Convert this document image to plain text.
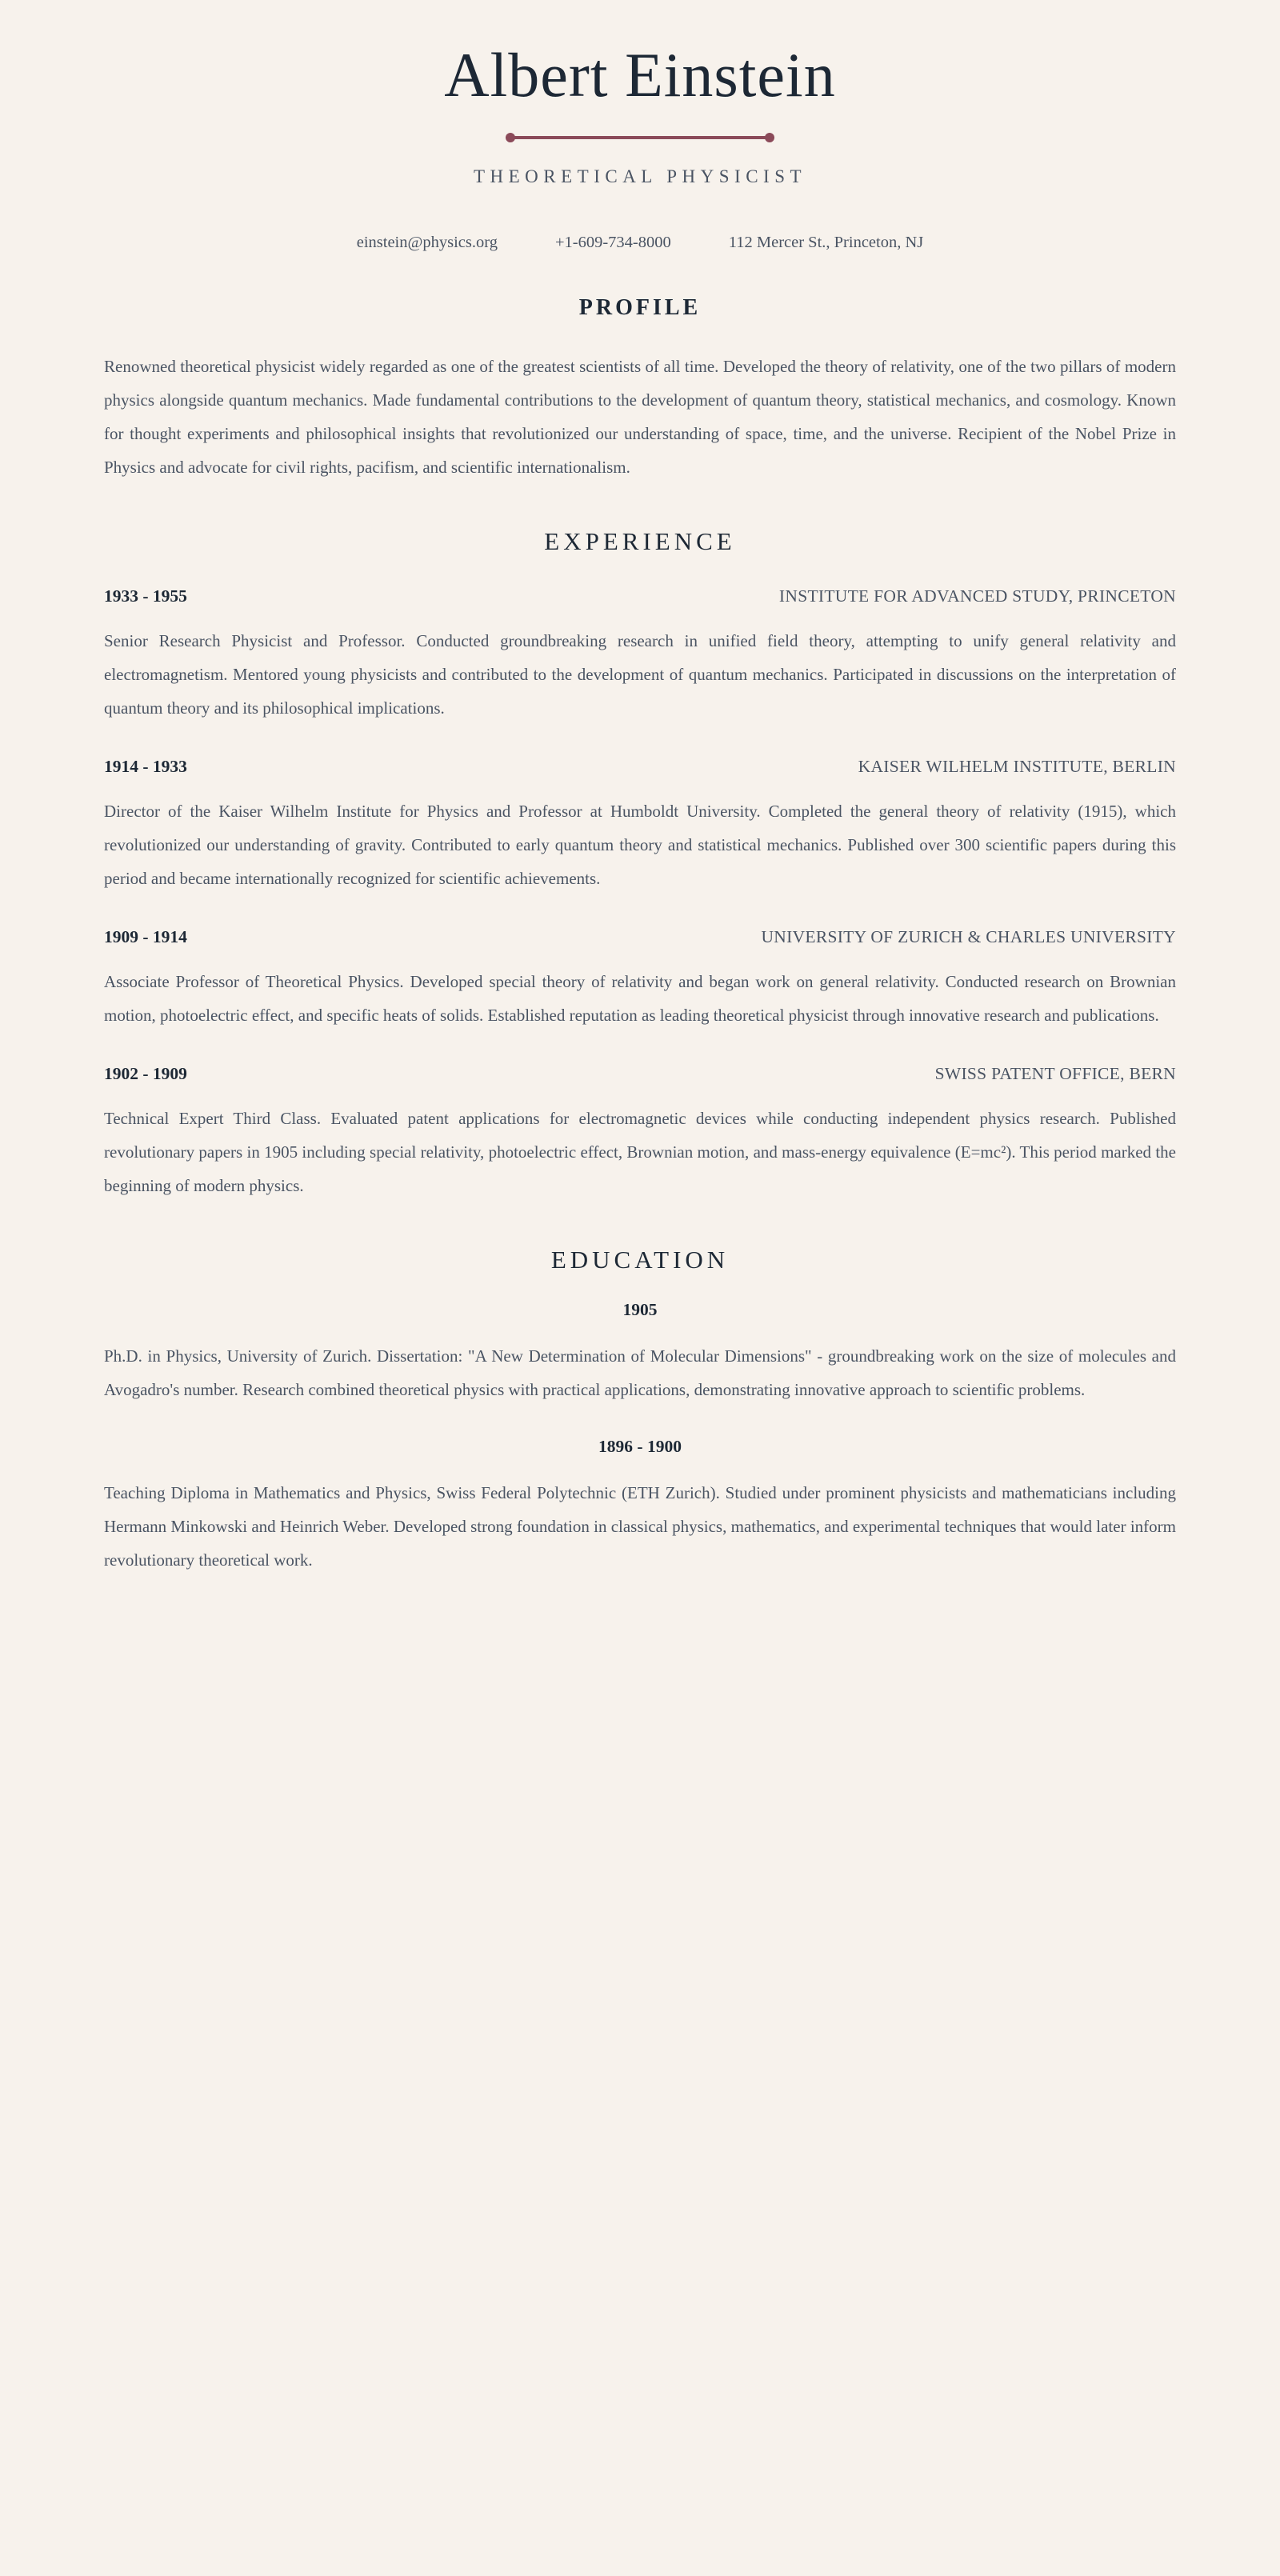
Albert Einstein
THEORETICAL PHYSICIST
einstein@physics.org	+1-609-734-8000	112 Mercer St., Princeton, NJ
PROFILE

Renowned theoretical physicist widely regarded as one of the greatest scientists of all time. Developed the theory of relativity, one of the two pillars of modern physics alongside quantum mechanics. Made fundamental contributions to the development of quantum theory, statistical mechanics, and cosmology. Known for thought experiments and philosophical insights that revolutionized our understanding of space, time, and the universe. Recipient of the Nobel Prize in Physics and advocate for civil rights, pacifism, and scientific internationalism.

EXPERIENCE
1933 - 1955	INSTITUTE FOR ADVANCED STUDY, PRINCETON

Senior Research Physicist and Professor. Conducted groundbreaking research in unified field theory, attempting to unify general relativity and electromagnetism. Mentored young physicists and contributed to the development of quantum mechanics. Participated in discussions on the interpretation of quantum theory and its philosophical implications.

1914 - 1933	KAISER WILHELM INSTITUTE, BERLIN

Director of the Kaiser Wilhelm Institute for Physics and Professor at Humboldt University. Completed the general theory of relativity (1915), which revolutionized our understanding of gravity. Contributed to early quantum theory and statistical mechanics. Published over 300 scientific papers during this period and became internationally recognized for scientific achievements.

1909 - 1914	UNIVERSITY OF ZURICH & CHARLES UNIVERSITY

Associate Professor of Theoretical Physics. Developed special theory of relativity and began work on general relativity. Conducted research on Brownian motion, photoelectric effect, and specific heats of solids. Established reputation as leading theoretical physicist through innovative research and publications.

1902 - 1909	SWISS PATENT OFFICE, BERN

Technical Expert Third Class. Evaluated patent applications for electromagnetic devices while conducting independent physics research. Published revolutionary papers in 1905 including special relativity, photoelectric effect, Brownian motion, and mass-energy equivalence (E=mc²). This period marked the beginning of modern physics.

EDUCATION
1905

Ph.D. in Physics, University of Zurich. Dissertation: "A New Determination of Molecular Dimensions" - groundbreaking work on the size of molecules and Avogadro's number. Research combined theoretical physics with practical applications, demonstrating innovative approach to scientific problems.

1896 - 1900

Teaching Diploma in Mathematics and Physics, Swiss Federal Polytechnic (ETH Zurich). Studied under prominent physicists and mathematicians including Hermann Minkowski and Heinrich Weber. Developed strong foundation in classical physics, mathematics, and experimental techniques that would later inform revolutionary theoretical work.
